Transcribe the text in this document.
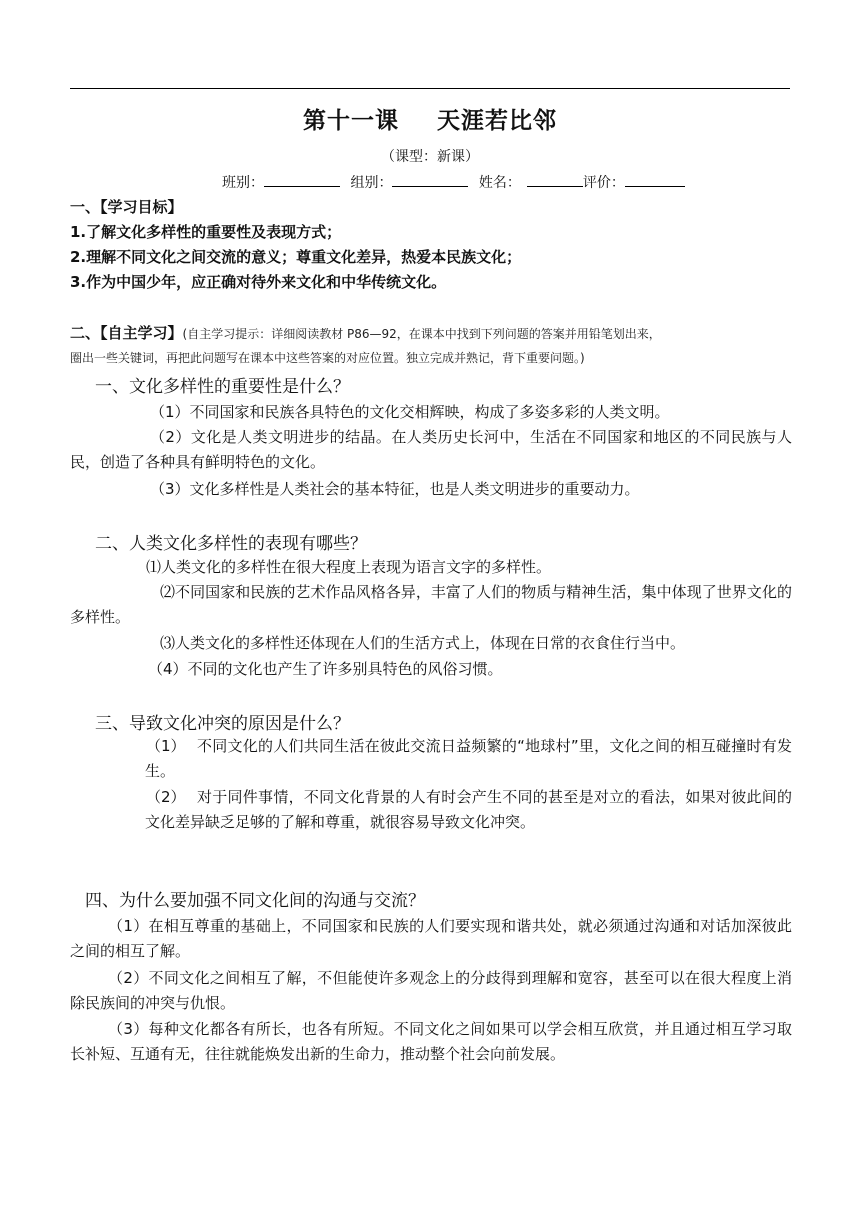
第十一课 天涯若比邻
（课型：新课）
班别：	组别：	姓名：	评价：
一、【学习目标】
1.了解文化多样性的重要性及表现方式；
2.理解不同文化之间交流的意义；尊重文化差异，热爱本民族文化；
3.作为中国少年，应正确对待外来文化和中华传统文化。
二、【自主学习】(自主学习提示：详细阅读教材 P86—92，在课本中找到下列问题的答案并用铅笔划出来，
圈出一些关键词，再把此问题写在课本中这些答案的对应位置。独立完成并熟记，背下重要问题。)
一、文化多样性的重要性是什么？
（1）不同国家和民族各具特色的文化交相辉映，构成了多姿多彩的人类文明。
（2）文化是人类文明进步的结晶。在人类历史长河中，生活在不同国家和地区的不同民族与人民，创造了各种具有鲜明特色的文化。
（3）文化多样性是人类社会的基本特征，也是人类文明进步的重要动力。
二、人类文化多样性的表现有哪些？
⑴人类文化的多样性在很大程度上表现为语言文字的多样性。
⑵不同国家和民族的艺术作品风格各异，丰富了人们的物质与精神生活，集中体现了世界文化的多样性。
⑶人类文化的多样性还体现在人们的生活方式上，体现在日常的衣食住行当中。
（4）不同的文化也产生了许多别具特色的风俗习惯。
三、导致文化冲突的原因是什么？
（1） 不同文化的人们共同生活在彼此交流日益频繁的“地球村”里，文化之间的相互碰撞时有发生。
（2） 对于同件事情，不同文化背景的人有时会产生不同的甚至是对立的看法，如果对彼此间的文化差异缺乏足够的了解和尊重，就很容易导致文化冲突。
四、为什么要加强不同文化间的沟通与交流？
（1）在相互尊重的基础上，不同国家和民族的人们要实现和谐共处，就必须通过沟通和对话加深彼此之间的相互了解。
（2）不同文化之间相互了解，不但能使许多观念上的分歧得到理解和宽容，甚至可以在很大程度上消除民族间的冲突与仇恨。
（3）每种文化都各有所长，也各有所短。不同文化之间如果可以学会相互欣赏，并且通过相互学习取长补短、互通有无，往往就能焕发出新的生命力，推动整个社会向前发展。
